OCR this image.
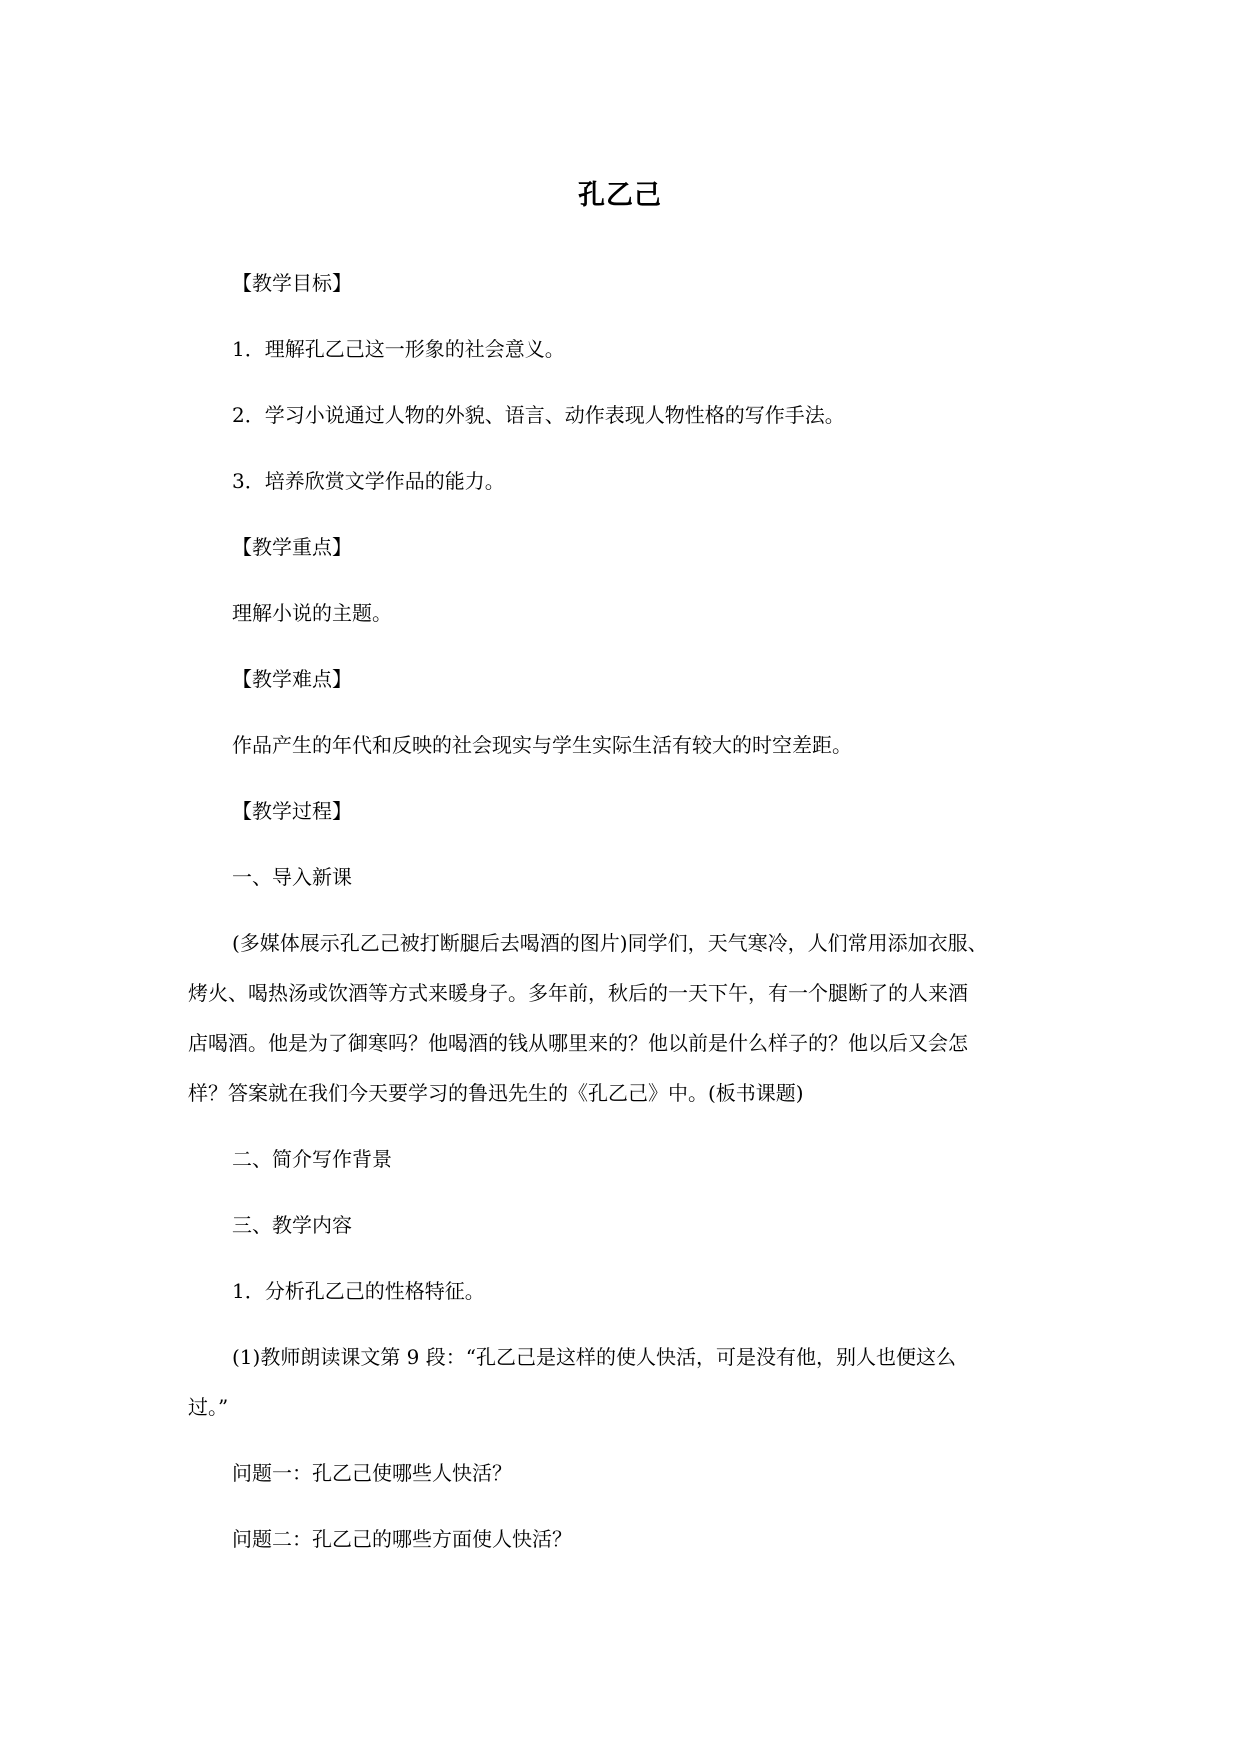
孔乙己
【教学目标】
1．理解孔乙己这一形象的社会意义。
2．学习小说通过人物的外貌、语言、动作表现人物性格的写作手法。
3．培养欣赏文学作品的能力。
【教学重点】
理解小说的主题。
【教学难点】
作品产生的年代和反映的社会现实与学生实际生活有较大的时空差距。
【教学过程】
一、导入新课
(多媒体展示孔乙己被打断腿后去喝酒的图片)同学们，天气寒冷，人们常用添加衣服、
烤火、喝热汤或饮酒等方式来暖身子。多年前，秋后的一天下午，有一个腿断了的人来酒
店喝酒。他是为了御寒吗？他喝酒的钱从哪里来的？他以前是什么样子的？他以后又会怎
样？答案就在我们今天要学习的鲁迅先生的《孔乙己》中。(板书课题)
二、简介写作背景
三、教学内容
1．分析孔乙己的性格特征。
(1)教师朗读课文第 9 段：“孔乙己是这样的使人快活，可是没有他，别人也便这么
过。”
问题一：孔乙己使哪些人快活？
问题二：孔乙己的哪些方面使人快活？
